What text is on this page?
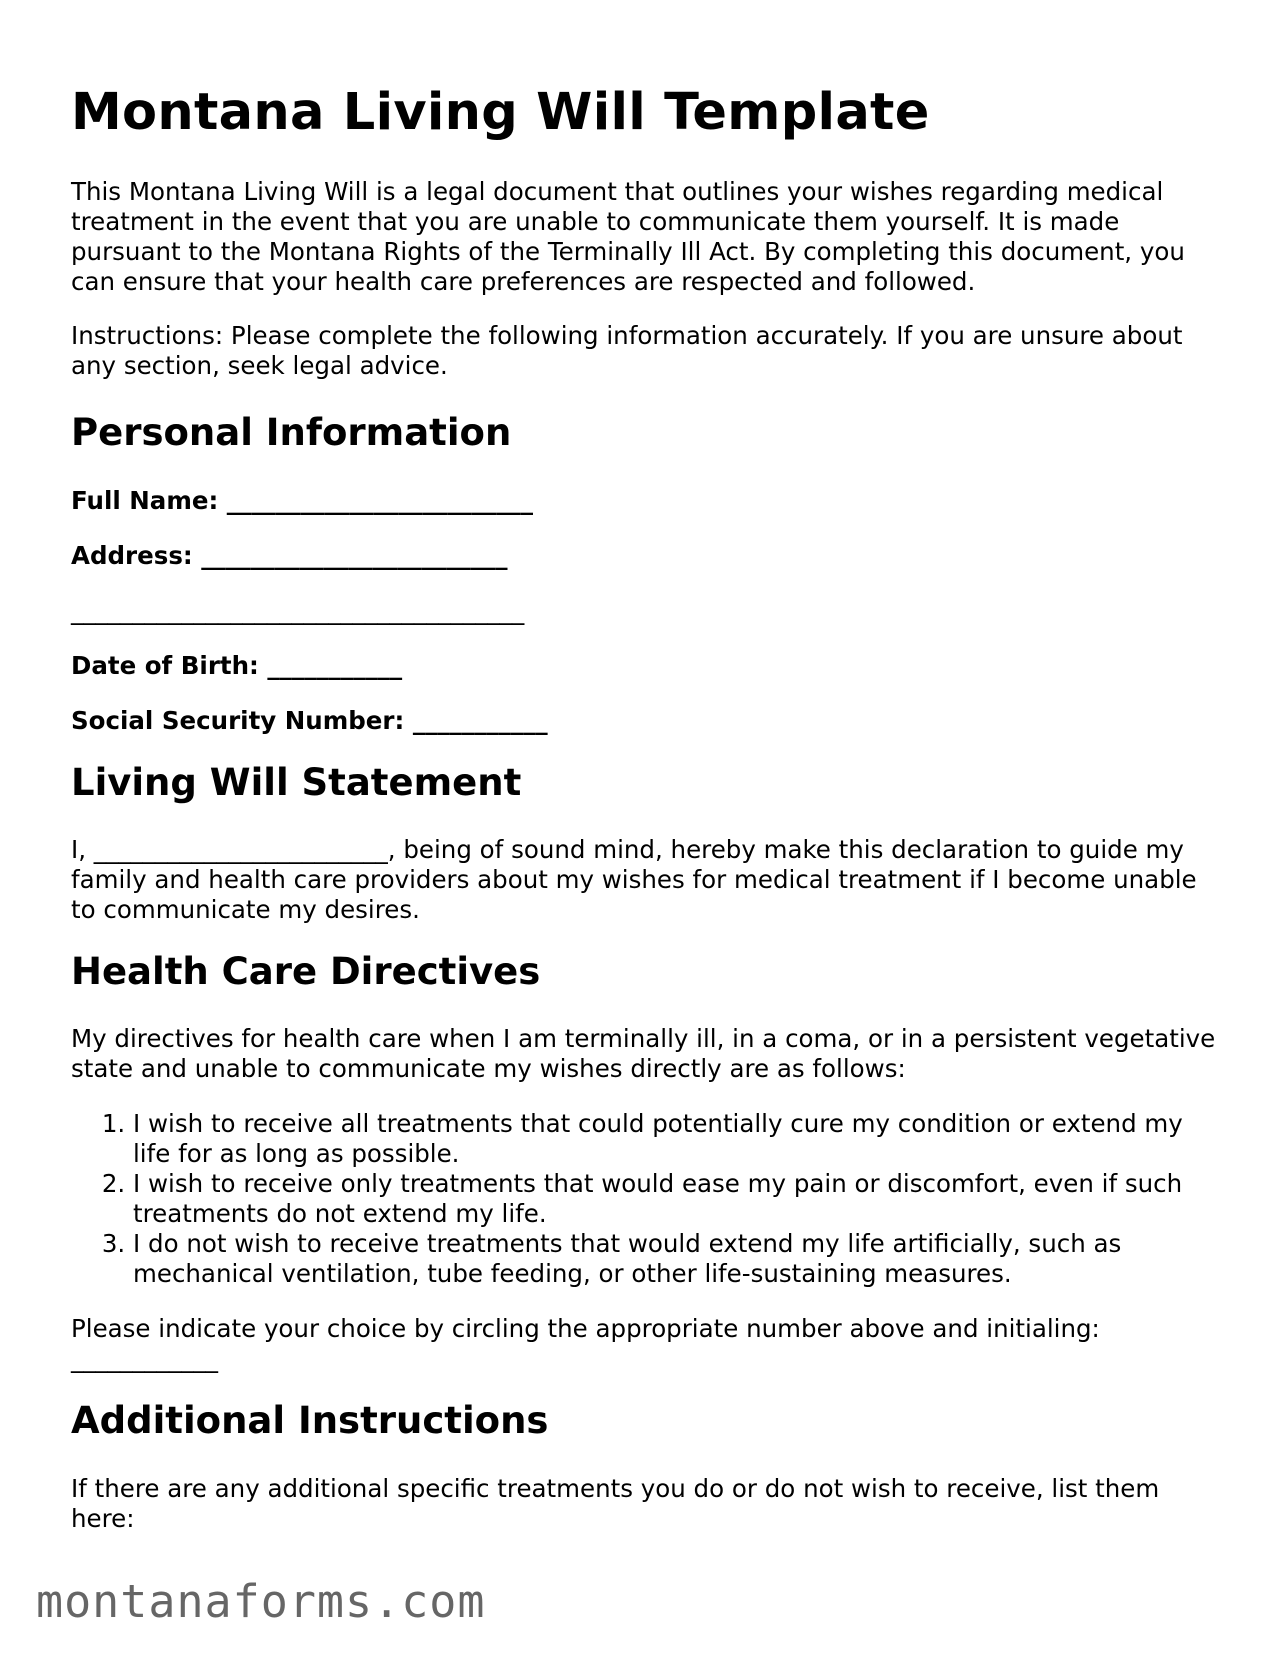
Montana Living Will Template

This Montana Living Will is a legal document that outlines your wishes regarding medical treatment in the event that you are unable to communicate them yourself. It is made pursuant to the Montana Rights of the Terminally Ill Act. By completing this document, you can ensure that your health care preferences are respected and followed.

Instructions: Please complete the following information accurately. If you are unsure about any section, seek legal advice.

Personal Information
Full Name: _________________________
Address: _________________________
_____________________________________
Date of Birth: ___________
Social Security Number: ___________
Living Will Statement

I, ________________________, being of sound mind, hereby make this declaration to guide my family and health care providers about my wishes for medical treatment if I become unable to communicate my desires.

Health Care Directives

My directives for health care when I am terminally ill, in a coma, or in a persistent vegetative state and unable to communicate my wishes directly are as follows:

1. I wish to receive all treatments that could potentially cure my condition or extend my life for as long as possible.
2. I wish to receive only treatments that would ease my pain or discomfort, even if such treatments do not extend my life.
3. I do not wish to receive treatments that would extend my life artificially, such as mechanical ventilation, tube feeding, or other life-sustaining measures.

Please indicate your choice by circling the appropriate number above and initialing: ____________

Additional Instructions

If there are any additional specific treatments you do or do not wish to receive, list them here:

montanaforms.com
